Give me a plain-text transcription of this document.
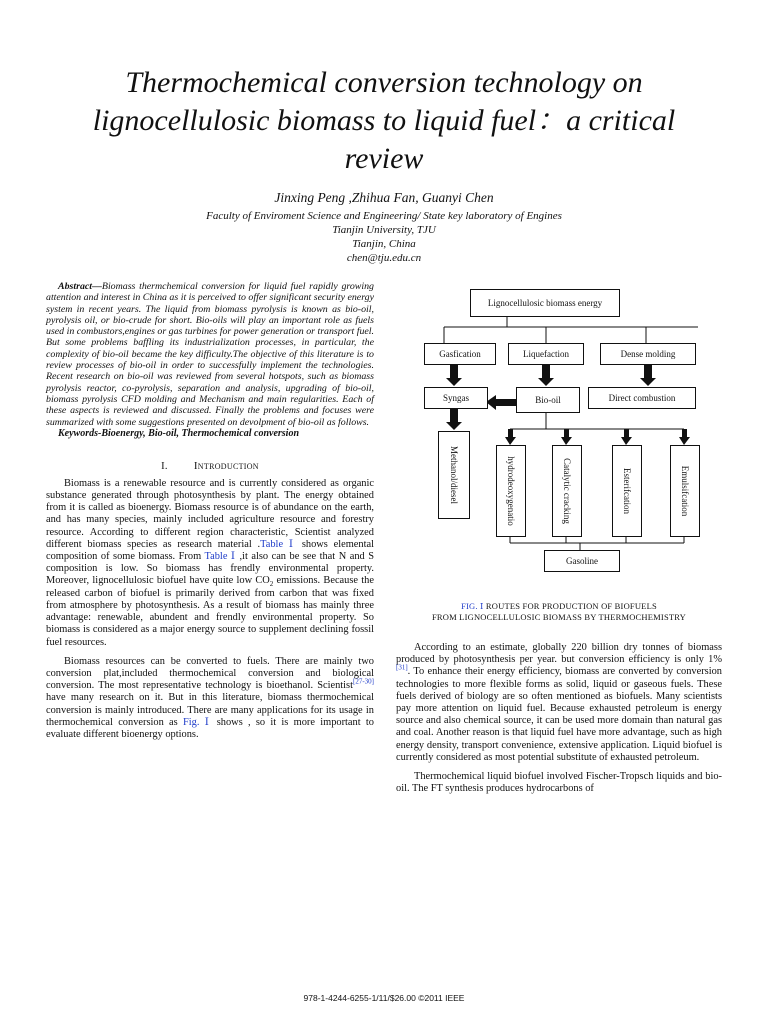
Thermochemical conversion technology on lignocellulosic biomass to liquid fuel：a critical review
Jinxing Peng ,Zhihua Fan, Guanyi Chen
Faculty of Enviroment Science and Engineering/ State key laboratory of Engines
Tianjin University, TJU
Tianjin, China
chen@tju.edu.cn

Abstract—Biomass thermchemical conversion for liquid fuel rapidly growing attention and interest in China as it is perceived to offer significant security energy system in recent years. The liquid from biomass pyrolysis is known as bio-oil, pyrolysis oil, or bio-crude for short. Bio-oils will play an important role as fuels used in combustors,engines or gas turbines for power generation or transport fuel. But some problems baffling its industrialization processes, in particular, the complexity of bio-oil became the key difficulty.The objective of this literature is to review processes of bio-oil in order to successfully implement the technologies. Recent research on bio-oil was reviewed from several hotspots, such as biomass pyrolysis reactor, co-pyrolysis, separation and analysis, upgrading of bio-oil, biomass pyrolysis CFD molding and Mechanism and main regularities. Each of these aspects is reviewed and discussed. Finally the problems and focuses were summarized with some suggestions presented on devolpment of bio-oil as follows.

Keywords-Bioenergy, Bio-oil, Thermochemical conversion

I. Introduction

Biomass is a renewable resource and is currently considered as organic substance generated through photosynthesis by plant. The energy obtained from it is called as bioenergy. Biomass resource is of abundance on the earth, and has many species, mainly included agriculture resource and forestry resource. According to different region characteristic, Scientist analyzed different biomass species as research material .Table Ⅰ shows elemental composition of some biomass. From Table Ⅰ ,it also can be see that N and S composition is low. So biomass has frendly environmental property. Moreover, lignocellulosic biofuel have quite low $CO_2$ emissions. Because the released carbon of biofuel is primarily derived from carbon that was fixed from atmosphere by photosynthesis. As a result of biomass has mainly three advantage: renewable, abundent and frendly environmental property. So biomass is considered as a major energy source to supplement declining fossil fuel resources.

Biomass resources can be converted to fuels. There are mainly two conversion plat,included thermochemical conversion and biological conversion. The most representative technology is bioethanol. Scientist[27-30] have many research on it. But in this literature, biomass thermochemical conversion is mainly introduced. There are many applications for its usage in thermochemical conversion as Fig. Ⅰ shows , so it is more important to evaluate different bioenergy options.

Lignocellulosic biomass energy
Gasfication	Liquefaction	Dense molding
Syngas	Bio-oil	Direct combustion
Methanol/diesel	hydrodeoxygenatio	Catalytic cracking	Esterifcation	Emulsifcation
Gasoline
FIG. Ⅰ ROUTES FOR PRODUCTION OF BIOFUELS
FROM LIGNOCELLULOSIC BIOMASS BY THERMOCHEMISTRY

According to an estimate, globally 220 billion dry tonnes of biomass produced by photosynthesis per year. but conversion efficiency is only 1% [31]. To enhance their energy efficiency, biomass are converted by conversion technologies to more flexible forms as solid, liquid or gaseous fuels. These fuels derived of biology are so often mentioned as biofuels. Many scientists pay more attention on liquid fuel. Because exhausted petroleum is energy source and also chemical source, it can be used more domain than natural gas and coal. Another reason is that liquid fuel have more advantage, such as high energy density, transport convenience, extensive application. Liquid biofuel is currently considered as most potential substitute of exhausted petroleum.

Thermochemical liquid biofuel involved Fischer-Tropsch liquids and bio-oil. The FT synthesis produces hydrocarbons of

978-1-4244-6255-1/11/$26.00 ©2011 IEEE
